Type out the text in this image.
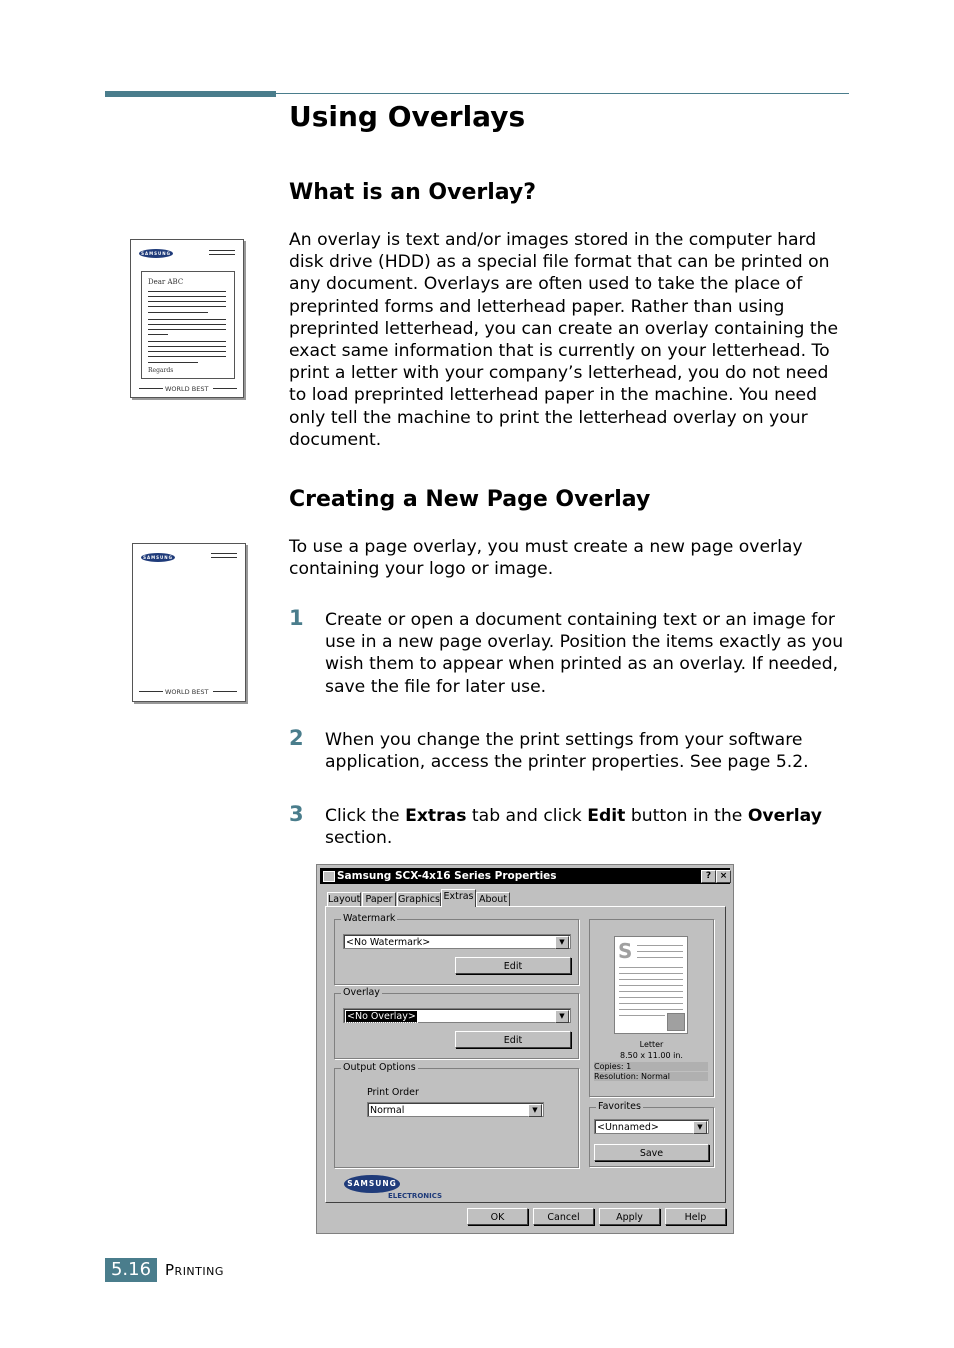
Using Overlays
What is an Overlay?

An overlay is text and/or images stored in the computer hard disk drive (HDD) as a special file format that can be printed on any document. Overlays are often used to take the place of preprinted forms and letterhead paper. Rather than using preprinted letterhead, you can create an overlay containing the exact same information that is currently on your letterhead. To print a letter with your company’s letterhead, you do not need to load preprinted letterhead paper in the machine. You need only tell the machine to print the letterhead overlay on your document.

SAMSUNG
Dear ABC
Regards
WORLD BEST
Creating a New Page Overlay

To use a page overlay, you must create a new page overlay containing your logo or image.

SAMSUNG
WORLD BEST
1 Create or open a document containing text or an image for use in a new page overlay. Position the items exactly as you wish them to appear when printed as an overlay. If needed, save the file for later use.

2 When you change the print settings from your software application, access the printer properties. See page 5.2.

3 Click the Extras tab and click Edit button in the Overlay section.

Samsung SCX-4x16 Series Properties	? ×
Layout Paper Graphics Extras About
Watermark
<No Watermark>	▼
Edit
Overlay
<No Overlay>	▼
Edit
Output Options
Print Order
Normal	▼
S
Letter
8.50 x 11.00 in.
Copies: 1
Resolution: Normal
Favorites
<Unnamed>	▼
Save
SAMSUNG
ELECTRONICS
OK	Cancel	Apply	Help
5.16 Printing
